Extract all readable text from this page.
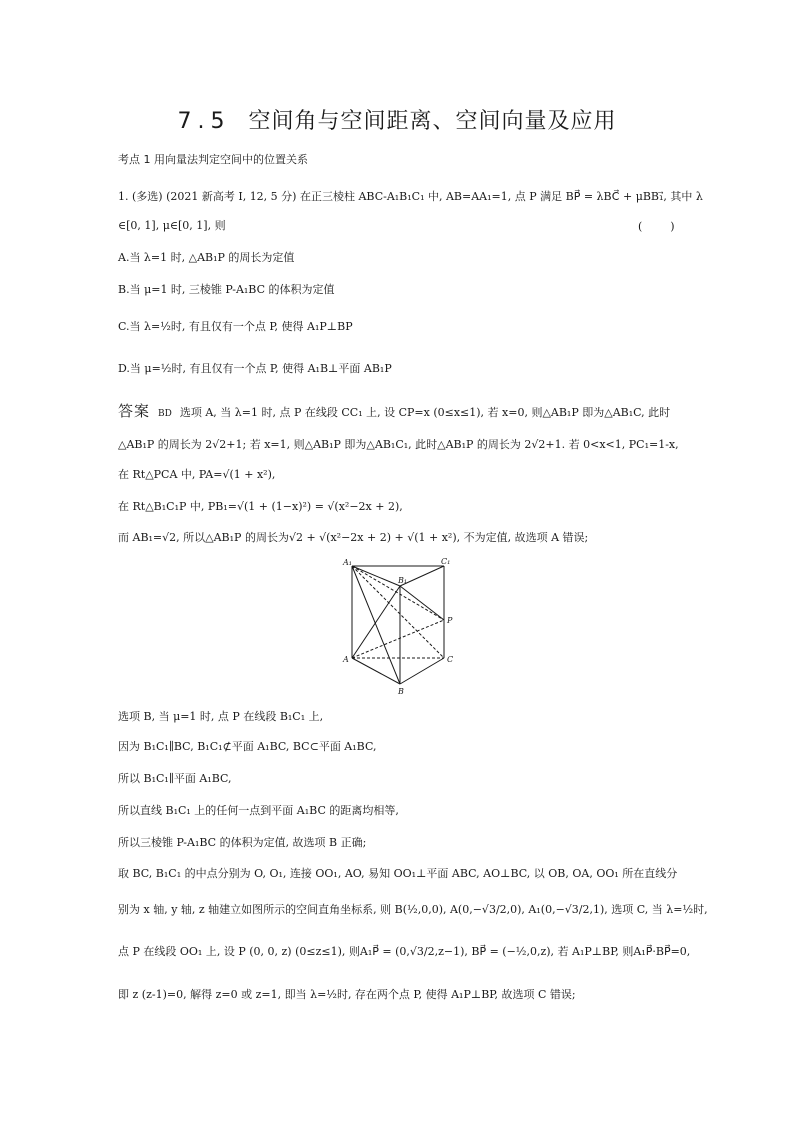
7.5 空间角与空间距离、空间向量及应用
考点 1 用向量法判定空间中的位置关系
1. (多选) (2021 新高考 Ⅰ, 12, 5 分) 在正三棱柱 ABC-A₁B₁C₁ 中, AB=AA₁=1, 点 P 满足 BP⃗ = λBC⃗ + μBB₁⃗, 其中 λ
∈[0, 1], μ∈[0, 1], 则	(        )
A.当 λ=1 时, △AB₁P 的周长为定值
B.当 μ=1 时, 三棱锥 P-A₁BC 的体积为定值
C.当 λ=½时, 有且仅有一个点 P, 使得 A₁P⊥BP
D.当 μ=½时, 有且仅有一个点 P, 使得 A₁B⊥平面 AB₁P
答案 BD 选项 A, 当 λ=1 时, 点 P 在线段 CC₁ 上, 设 CP=x (0≤x≤1), 若 x=0, 则△AB₁P 即为△AB₁C, 此时
△AB₁P 的周长为 2√2+1; 若 x=1, 则△AB₁P 即为△AB₁C₁, 此时△AB₁P 的周长为 2√2+1. 若 0<x<1, PC₁=1-x,
在 Rt△PCA 中, PA=√(1 + x²),
在 Rt△B₁C₁P 中, PB₁=√(1 + (1−x)²) = √(x²−2x + 2),
而 AB₁=√2, 所以△AB₁P 的周长为√2 + √(x²−2x + 2) + √(1 + x²), 不为定值, 故选项 A 错误;
A₁
B₁
C₁
P
A	C
B
选项 B, 当 μ=1 时, 点 P 在线段 B₁C₁ 上,
因为 B₁C₁∥BC, B₁C₁⊄平面 A₁BC, BC⊂平面 A₁BC,
所以 B₁C₁∥平面 A₁BC,
所以直线 B₁C₁ 上的任何一点到平面 A₁BC 的距离均相等,
所以三棱锥 P-A₁BC 的体积为定值, 故选项 B 正确;
取 BC, B₁C₁ 的中点分别为 O, O₁, 连接 OO₁, AO, 易知 OO₁⊥平面 ABC, AO⊥BC, 以 OB, OA, OO₁ 所在直线分
别为 x 轴, y 轴, z 轴建立如图所示的空间直角坐标系, 则 B(½,0,0), A(0,−√3/2,0), A₁(0,−√3/2,1), 选项 C, 当 λ=½时,
点 P 在线段 OO₁ 上, 设 P (0, 0, z) (0≤z≤1), 则A₁P⃗ = (0,√3/2,z−1), BP⃗ = (−½,0,z), 若 A₁P⊥BP, 则A₁P⃗·BP⃗=0,
即 z (z-1)=0, 解得 z=0 或 z=1, 即当 λ=½时, 存在两个点 P, 使得 A₁P⊥BP, 故选项 C 错误;
